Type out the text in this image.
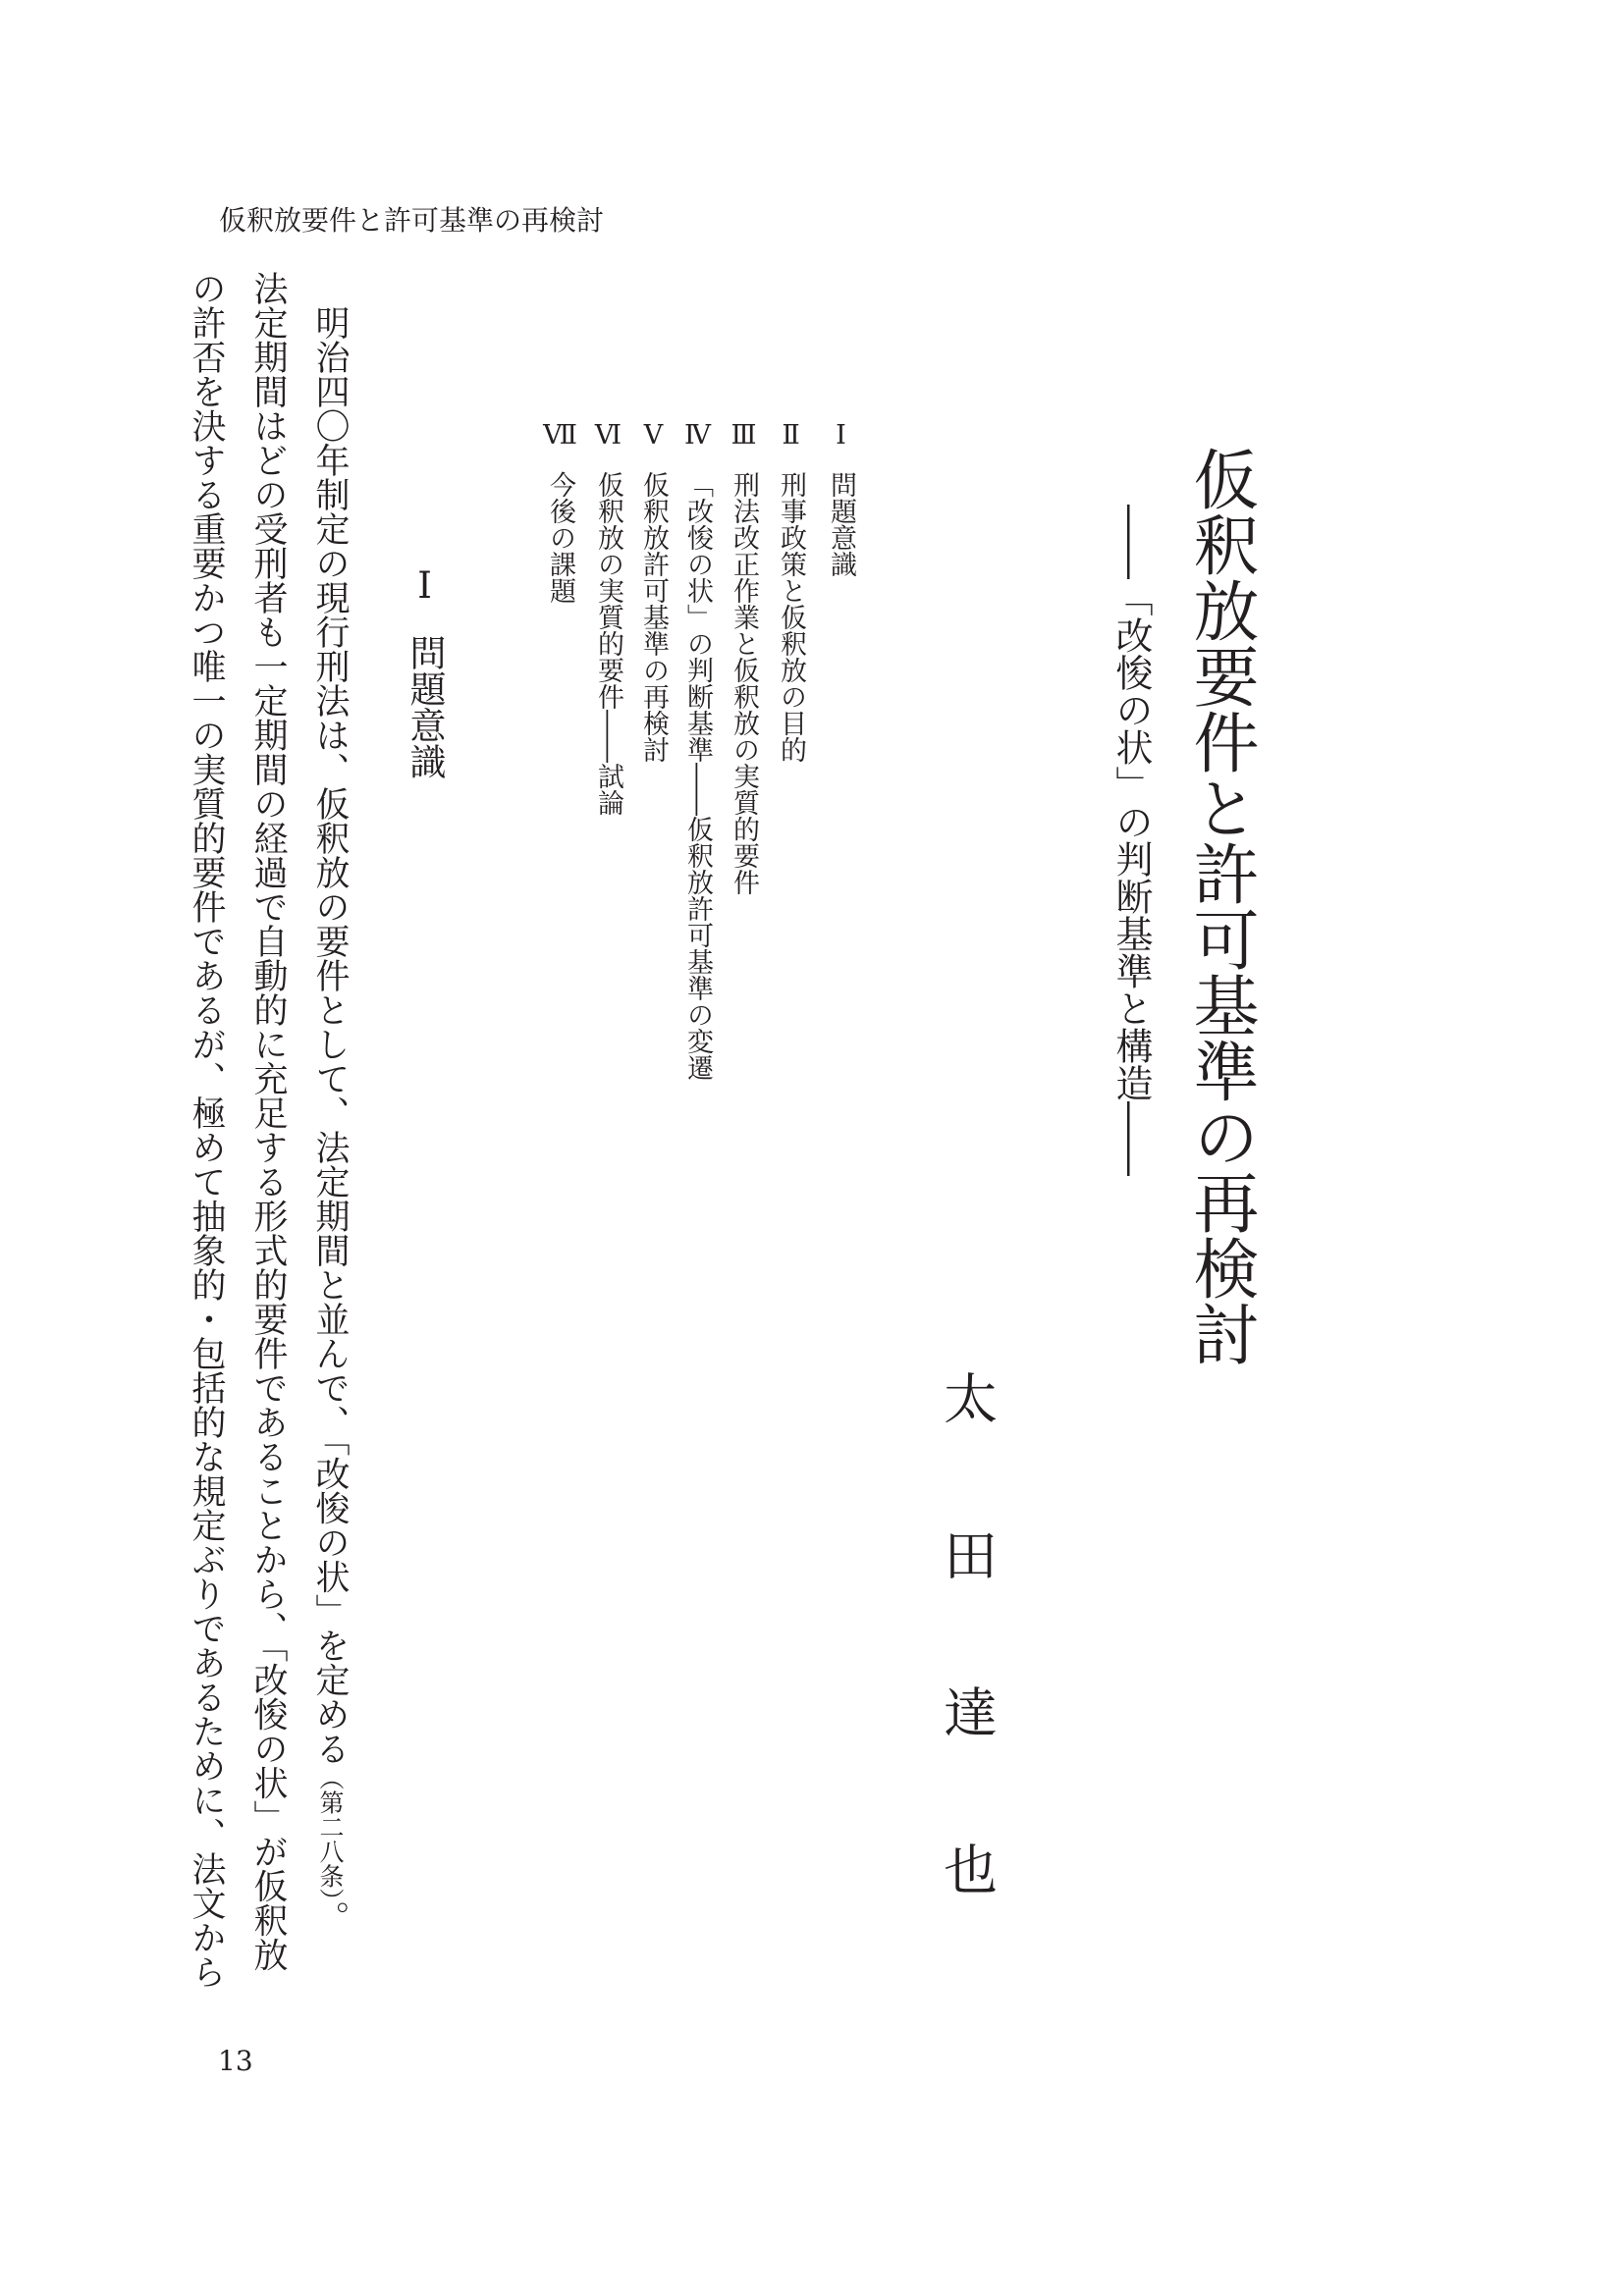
仮釈放要件と許可基準の再検討
仮釈放要件と許可基準の再検討
――「改悛の状」の判断基準と構造――
太田達也
Ⅰ問題意識
Ⅱ刑事政策と仮釈放の目的
Ⅲ刑法改正作業と仮釈放の実質的要件
Ⅳ「改悛の状」の判断基準――仮釈放許可基準の変遷
Ⅴ仮釈放許可基準の再検討
Ⅵ仮釈放の実質的要件――試論
Ⅶ今後の課題
Ⅰ問題意識
明治四〇年制定の現行刑法は、仮釈放の要件として、法定期間と並んで、「改悛の状」を定める（第二八条）。
法定期間はどの受刑者も一定期間の経過で自動的に充足する形式的要件であることから、「改悛の状」が仮釈放
の許否を決する重要かつ唯一の実質的要件であるが、極めて抽象的・包括的な規定ぶりであるために、法文から
13
